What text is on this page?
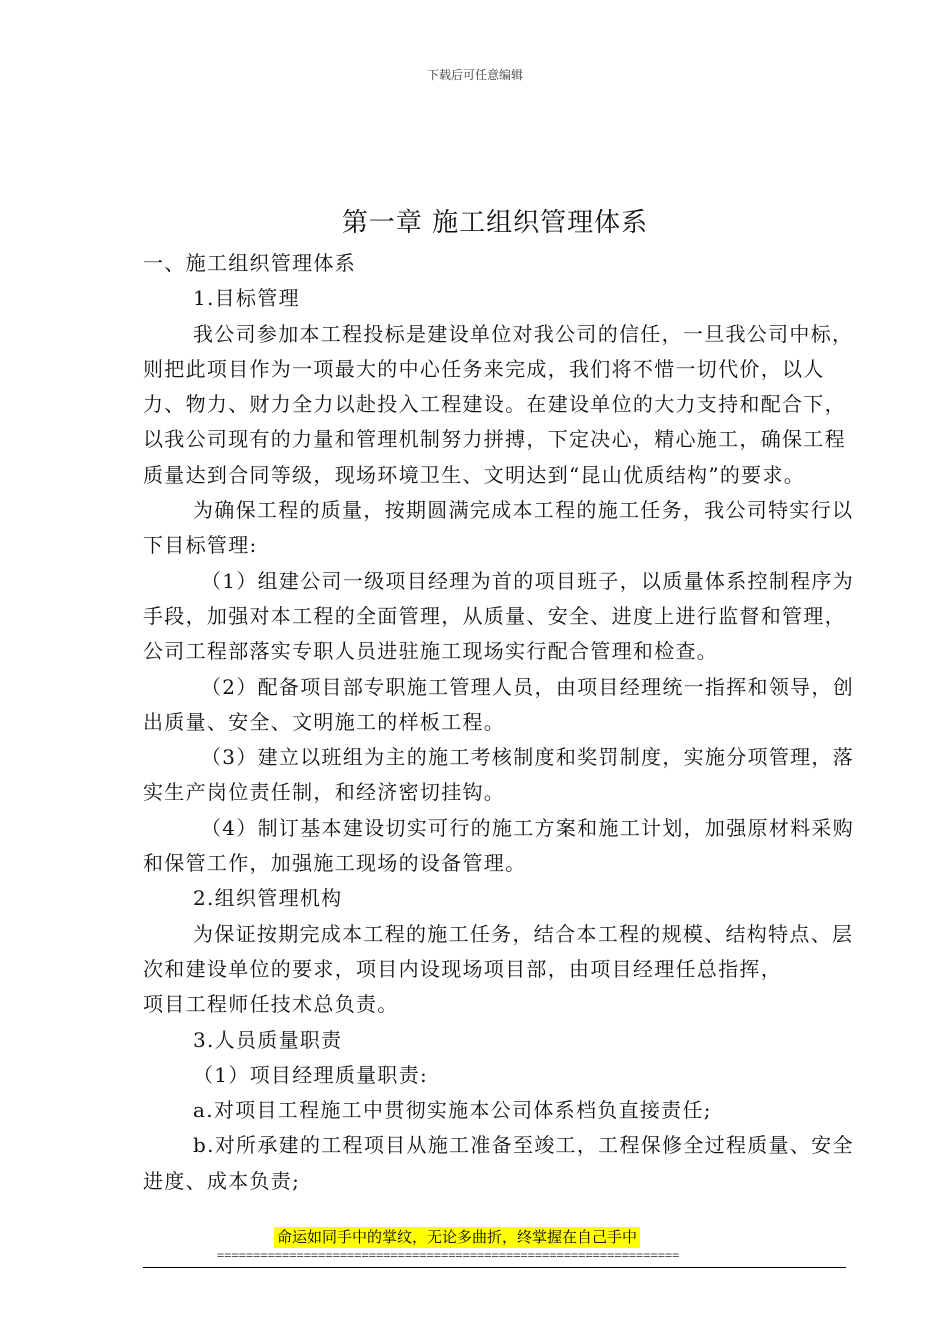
下载后可任意编辑
第一章 施工组织管理体系

一、施工组织管理体系

1.目标管理

我公司参加本工程投标是建设单位对我公司的信任，一旦我公司中标，则把此项目作为一项最大的中心任务来完成，我们将不惜一切代价，以人力、物力、财力全力以赴投入工程建设。在建设单位的大力支持和配合下，以我公司现有的力量和管理机制努力拼搏，下定决心，精心施工，确保工程质量达到合同等级，现场环境卫生、文明达到“昆山优质结构”的要求。

为确保工程的质量，按期圆满完成本工程的施工任务，我公司特实行以下目标管理:

（1）组建公司一级项目经理为首的项目班子，以质量体系控制程序为手段，加强对本工程的全面管理，从质量、安全、进度上进行监督和管理，公司工程部落实专职人员进驻施工现场实行配合管理和检查。

（2）配备项目部专职施工管理人员，由项目经理统一指挥和领导，创出质量、安全、文明施工的样板工程。

（3）建立以班组为主的施工考核制度和奖罚制度，实施分项管理，落实生产岗位责任制，和经济密切挂钩。

（4）制订基本建设切实可行的施工方案和施工计划，加强原材料采购和保管工作，加强施工现场的设备管理。

2.组织管理机构

为保证按期完成本工程的施工任务，结合本工程的规模、结构特点、层次和建设单位的要求，项目内设现场项目部，由项目经理任总指挥，

项目工程师任技术总负责。

3.人员质量职责

（1）项目经理质量职责:

a.对项目工程施工中贯彻实施本公司体系档负直接责任;

b.对所承建的工程项目从施工准备至竣工，工程保修全过程质量、安全进度、成本负责;

命运如同手中的掌纹，无论多曲折，终掌握在自己手中
================================================================
